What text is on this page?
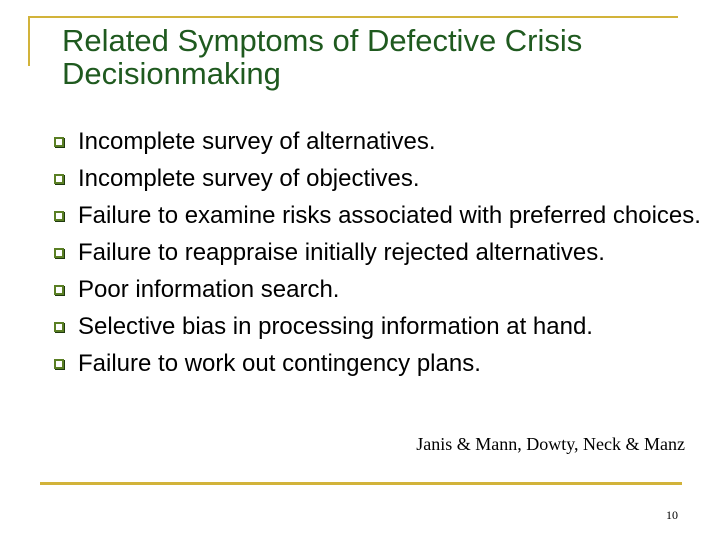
Related Symptoms of Defective Crisis Decisionmaking
Incomplete survey of alternatives.
Incomplete survey of objectives.
Failure to examine risks associated with preferred choices.
Failure to reappraise initially rejected alternatives.
Poor information search.
Selective bias in processing information at hand.
Failure to work out contingency plans.
Janis & Mann, Dowty, Neck & Manz
10
